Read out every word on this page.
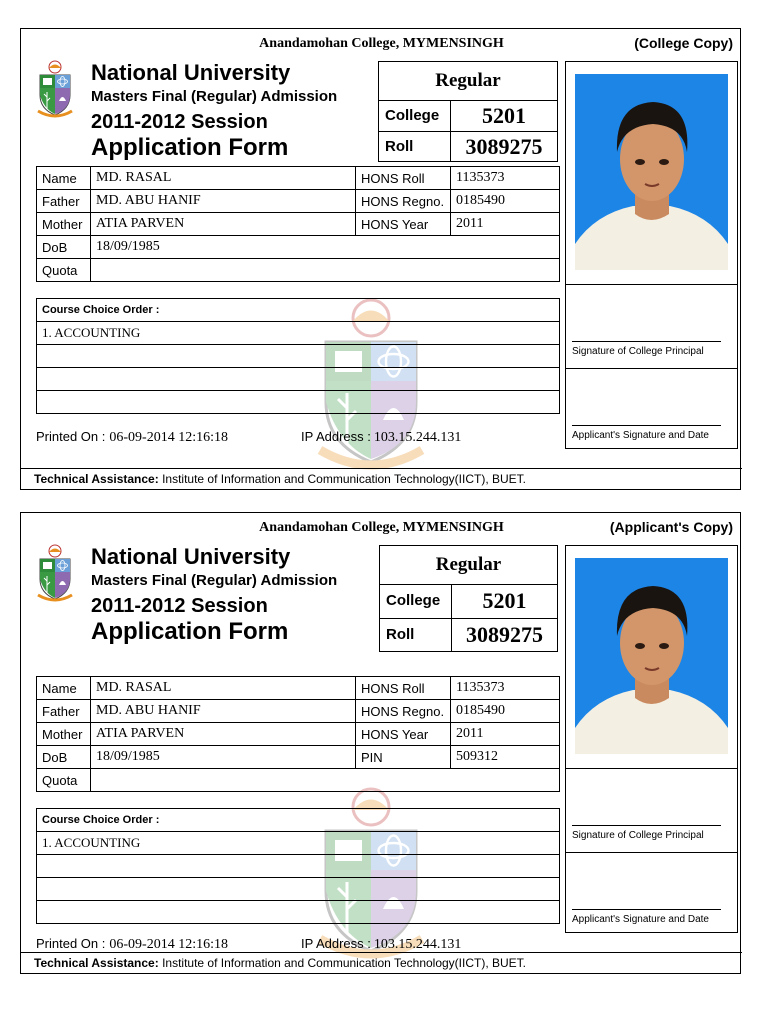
Anandamohan College, MYMENSINGH	(College Copy)
National University
Masters Final (Regular) Admission
2011-2012 Session
Application Form
Regular
College	5201
Roll	3089275
Name	MD. RASAL	HONS Roll	1135373
Father	MD. ABU HANIF	HONS Regno.	0185490
Mother	ATIA PARVEN	HONS Year	2011
DoB	18/09/1985		
Quota			
Course Choice Order :
1. ACCOUNTING

Printed On : 06-09-2014 12:16:18	IP Address : 103.15.244.131
Signature of College Principal
Applicant's Signature and Date
Technical Assistance: Institute of Information and Communication Technology(IICT), BUET.
Anandamohan College, MYMENSINGH	(Applicant's Copy)
National University
Masters Final (Regular) Admission
2011-2012 Session
Application Form
Regular
College	5201
Roll	3089275
Name	MD. RASAL	HONS Roll	1135373
Father	MD. ABU HANIF	HONS Regno.	0185490
Mother	ATIA PARVEN	HONS Year	2011
DoB	18/09/1985	PIN	509312
Quota			
Course Choice Order :
1. ACCOUNTING

Printed On : 06-09-2014 12:16:18	IP Address : 103.15.244.131
Signature of College Principal
Applicant's Signature and Date
Technical Assistance: Institute of Information and Communication Technology(IICT), BUET.
